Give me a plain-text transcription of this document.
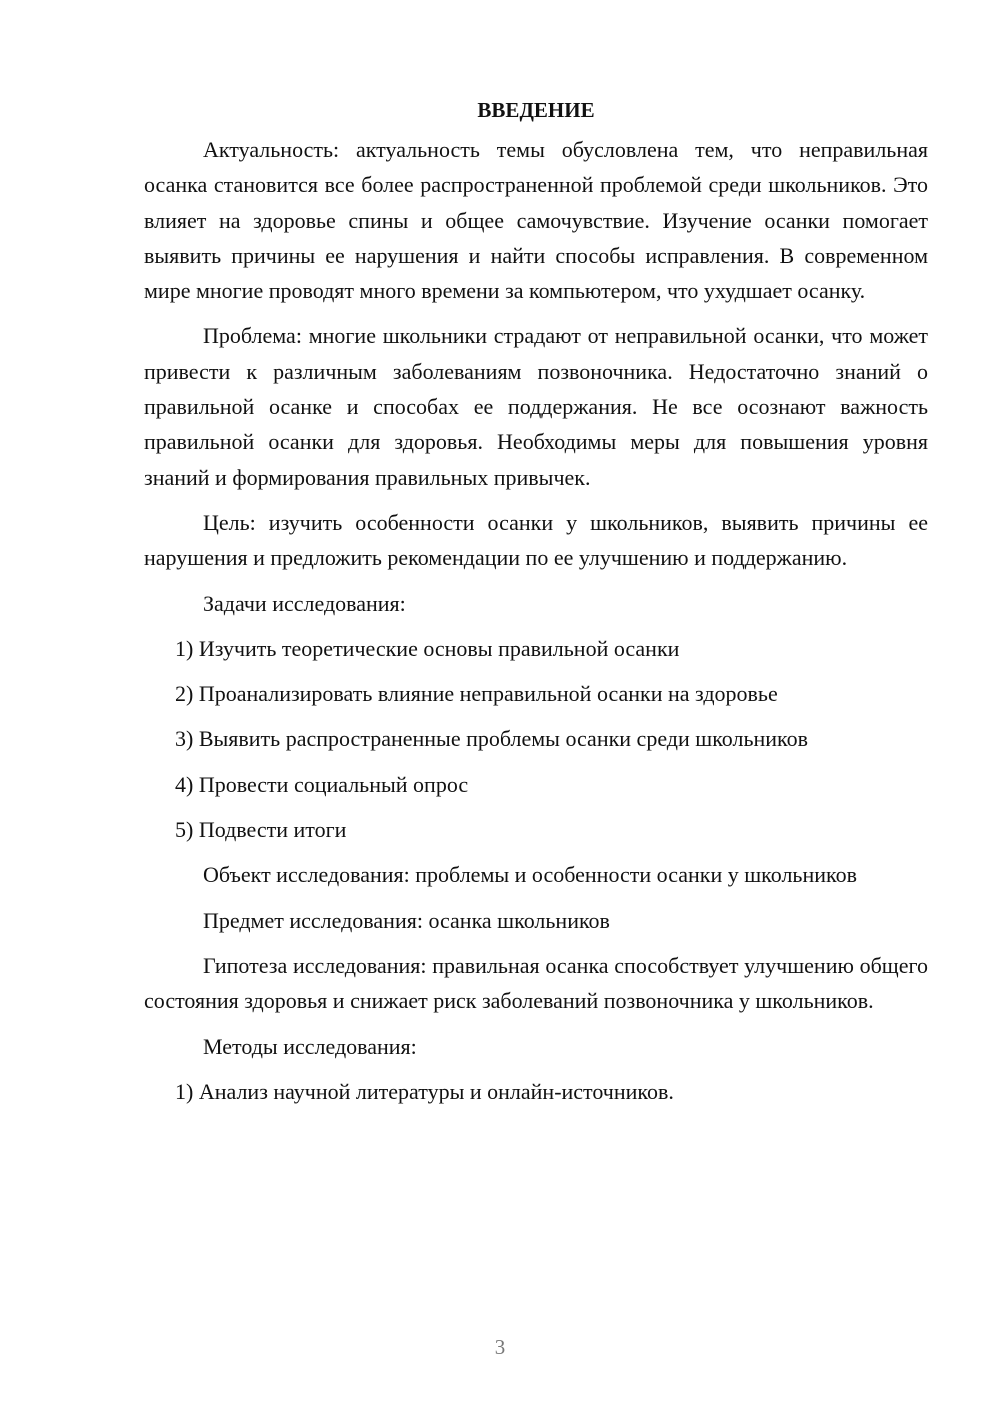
ВВЕДЕНИЕ

Актуальность: актуальность темы обусловлена тем, что неправильная осанка становится все более распространенной проблемой среди школьников. Это влияет на здоровье спины и общее самочувствие. Изучение осанки помогает выявить причины ее нарушения и найти способы исправления. В современном мире многие проводят много времени за компьютером, что ухудшает осанку.

Проблема: многие школьники страдают от неправильной осанки, что может привести к различным заболеваниям позвоночника. Недостаточно знаний о правильной осанке и способах ее поддержания. Не все осознают важность правильной осанки для здоровья. Необходимы меры для повышения уровня знаний и формирования правильных привычек.

Цель: изучить особенности осанки у школьников, выявить причины ее нарушения и предложить рекомендации по ее улучшению и поддержанию.

Задачи исследования:
1) Изучить теоретические основы правильной осанки
2) Проанализировать влияние неправильной осанки на здоровье
3) Выявить распространенные проблемы осанки среди школьников
4) Провести социальный опрос
5) Подвести итоги

Объект исследования: проблемы и особенности осанки у школьников

Предмет исследования: осанка школьников

Гипотеза исследования: правильная осанка способствует улучшению общего состояния здоровья и снижает риск заболеваний позвоночника у школьников.

Методы исследования:
1) Анализ научной литературы и онлайн-источников.
3
